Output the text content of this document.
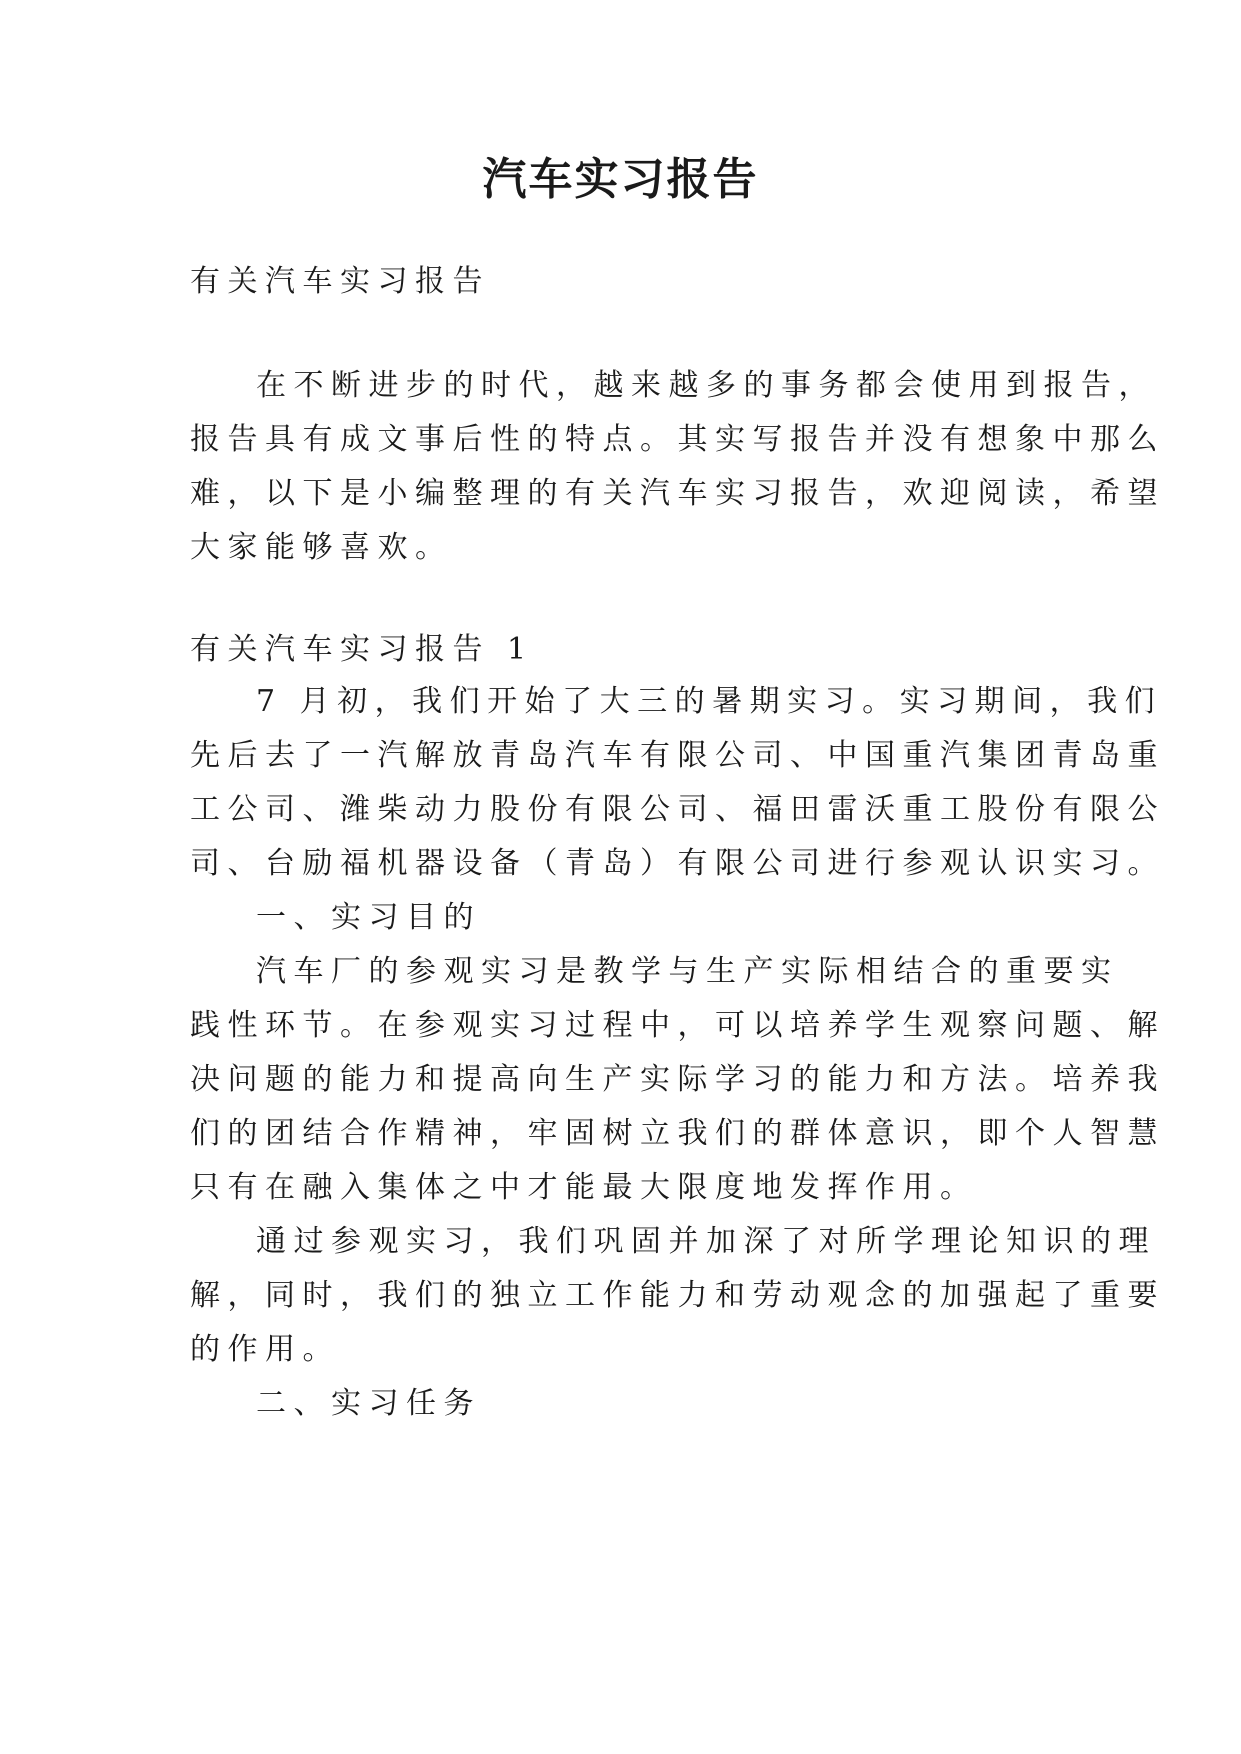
汽车实习报告

有关汽车实习报告

在不断进步的时代，越来越多的事务都会使用到报告，

报告具有成文事后性的特点。其实写报告并没有想象中那么

难，以下是小编整理的有关汽车实习报告，欢迎阅读，希望

大家能够喜欢。

有关汽车实习报告 1

7 月初，我们开始了大三的暑期实习。实习期间，我们

先后去了一汽解放青岛汽车有限公司、中国重汽集团青岛重

工公司、潍柴动力股份有限公司、福田雷沃重工股份有限公

司、台励福机器设备（青岛）有限公司进行参观认识实习。

一、实习目的

汽车厂的参观实习是教学与生产实际相结合的重要实

践性环节。在参观实习过程中，可以培养学生观察问题、解

决问题的能力和提高向生产实际学习的能力和方法。培养我

们的团结合作精神，牢固树立我们的群体意识，即个人智慧

只有在融入集体之中才能最大限度地发挥作用。

通过参观实习，我们巩固并加深了对所学理论知识的理

解，同时，我们的独立工作能力和劳动观念的加强起了重要

的作用。

二、实习任务
